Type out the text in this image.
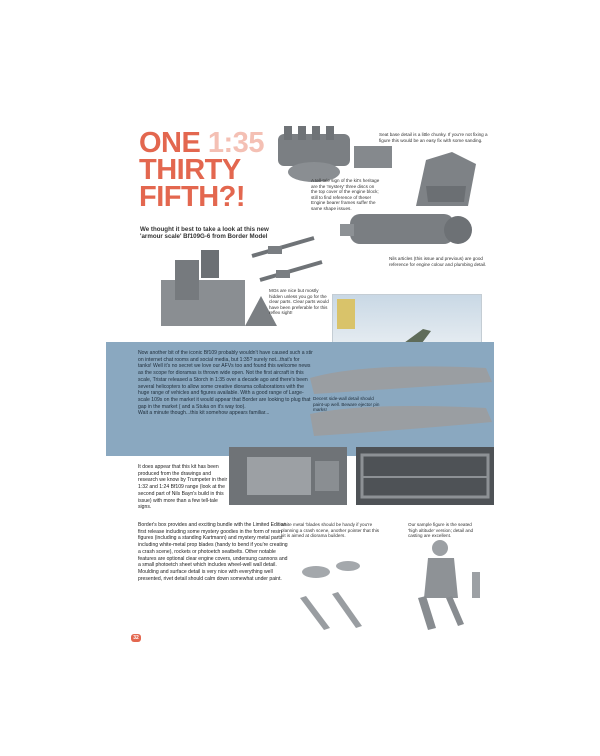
ONE 1:35
THIRTY
FIFTH?!
We thought it best to take a look at this new 'armour scale' Bf109G-6 from Border Model
Seat base detail is a little chunky. If you're not fixing a figure this would be an easy fix with some sanding.
A tell-tale sign of the kit's heritage are the 'mystery' three discs on the top cover of the engine block; still to find reference of these! Engine bearer frames suffer the same shape issues.
Nils articles (this issue and previous) are good reference for engine colour and plumbing detail.
MGs are nice but mostly hidden unless you go for the clear parts. Clear parts would have been preferable for this reflex sight!
Now another bit of the iconic Bf109 probably wouldn't have caused such a stir on internet chat rooms and social media, but 1:35? surely not...that's for tanks! Well it's no secret we love our AFVs too and found this welcome news as the scope for dioramas is thrown wide open. Not the first aircraft in this scale, Tristar released a Storch in 1:35 over a decade ago and there's been several helicopters to allow some creative diorama collaborations with the huge range of vehicles and figures available. With a good range of Large-scale 109s on the market it would appear that Border are looking to plug that gap in the market ( and a Stuka on it's way too).
Wait a minute though...this kit somehow appears familiar...
Decent side-wall detail should paint-up well. Beware ejector pin marks!
It does appear that this kit has been produced from the drawings and research we know by Trumpeter in their 1:32 and 1:24 Bf109 range (look at the second part of Nils Bayn's build in this issue) with more than a few tell-tale signs.
Border's box provides and exciting bundle with the Limited Edition first release including some mystery goodies in the form of resin figures (including a standing Kartmann) and mystery metal parts including white-metal prop blades (handy to bend if you're creating a crash scene), rockets or photoetch seatbelts. Other notable features are optional clear engine covers, undersung cannons and a small photoetch sheet which includes wheel-well wall detail. Moulding and surface detail is very nice with everything well presented, rivet detail should calm down somewhat under paint.
white metal 'blades should be handy if you're planning a crash scene, another pointer that this kit is aimed at diorama builders.
Our sample figure is the seated 'high altitude' version; detail and casting are excellent.
32
